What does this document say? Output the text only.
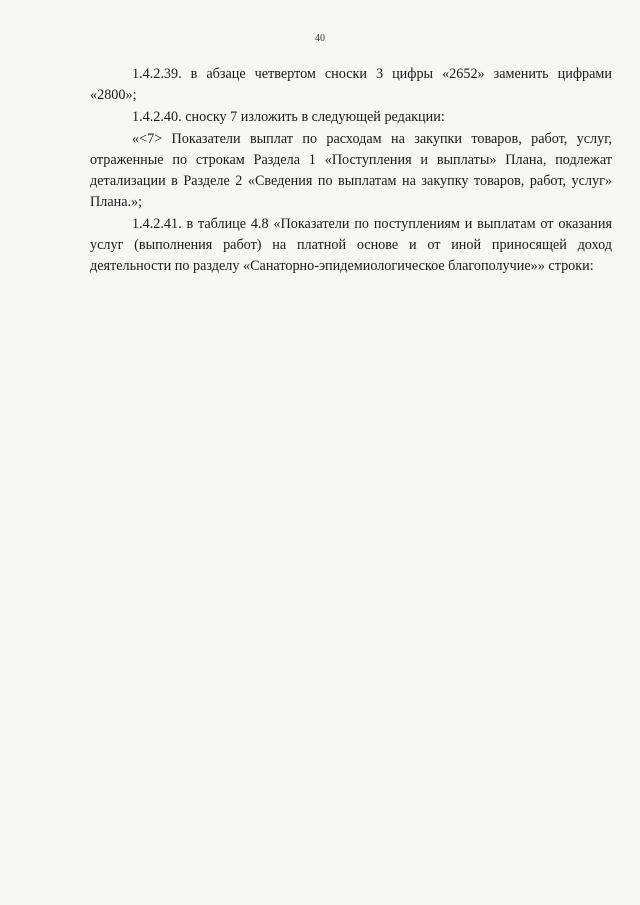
40

1.4.2.39. в абзаце четвертом сноски 3 цифры «2652» заменить цифрами «2800»;

1.4.2.40. сноску 7 изложить в следующей редакции:

«<7> Показатели выплат по расходам на закупки товаров, работ, услуг, отраженные по строкам Раздела 1 «Поступления и выплаты» Плана, подлежат детализации в Разделе 2 «Сведения по выплатам на закупку товаров, работ, услуг» Плана.»;

1.4.2.41. в таблице 4.8 «Показатели по поступлениям и выплатам от оказания услуг (выполнения работ) на платной основе и от иной приносящей доход деятельности по разделу «Санаторно-эпидемиологическое благополучие»» строки:
